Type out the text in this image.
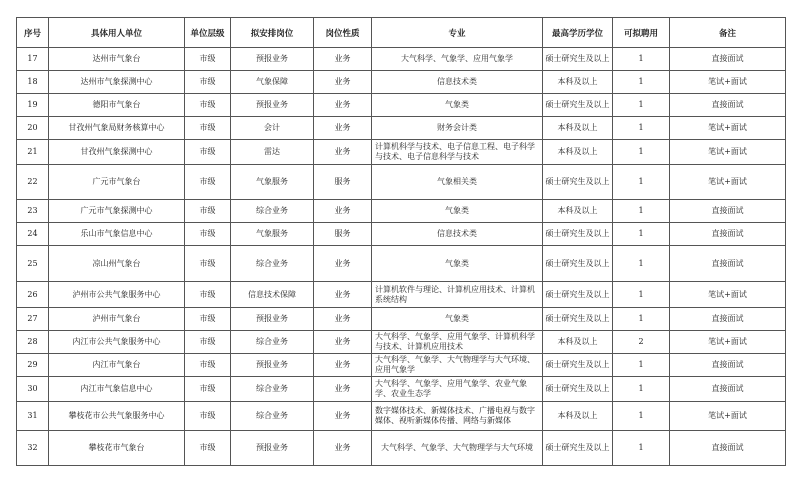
序号	具体用人单位	单位层级	拟安排岗位	岗位性质	专业	最高学历学位	可拟聘用	备注
17	达州市气象台	市级	预报业务	业务	大气科学、气象学、应用气象学	硕士研究生及以上	1	直接面试
18	达州市气象探测中心	市级	气象保障	业务	信息技术类	本科及以上	1	笔试+面试
19	德阳市气象台	市级	预报业务	业务	气象类	硕士研究生及以上	1	直接面试
20	甘孜州气象局财务核算中心	市级	会计	业务	财务会计类	本科及以上	1	笔试+面试
21	甘孜州气象探测中心	市级	雷达	业务	计算机科学与技术、电子信息工程、电子科学与技术、电子信息科学与技术	本科及以上	1	笔试+面试
22	广元市气象台	市级	气象服务	服务	气象相关类	硕士研究生及以上	1	笔试+面试
23	广元市气象探测中心	市级	综合业务	业务	气象类	本科及以上	1	直接面试
24	乐山市气象信息中心	市级	气象服务	服务	信息技术类	硕士研究生及以上	1	直接面试
25	凉山州气象台	市级	综合业务	业务	气象类	硕士研究生及以上	1	直接面试
26	泸州市公共气象服务中心	市级	信息技术保障	业务	计算机软件与理论、计算机应用技术、计算机系统结构	硕士研究生及以上	1	笔试+面试
27	泸州市气象台	市级	预报业务	业务	气象类	硕士研究生及以上	1	直接面试
28	内江市公共气象服务中心	市级	综合业务	业务	大气科学、气象学、应用气象学、计算机科学与技术、计算机应用技术	本科及以上	2	笔试+面试
29	内江市气象台	市级	预报业务	业务	大气科学、气象学、大气物理学与大气环境、应用气象学	硕士研究生及以上	1	直接面试
30	内江市气象信息中心	市级	综合业务	业务	大气科学、气象学、应用气象学、农业气象学、农业生态学	硕士研究生及以上	1	直接面试
31	攀枝花市公共气象服务中心	市级	综合业务	业务	数字媒体技术、新媒体技术、广播电视与数字媒体、视听新媒体传播、网络与新媒体	本科及以上	1	笔试+面试
32	攀枝花市气象台	市级	预报业务	业务	大气科学、气象学、大气物理学与大气环境	硕士研究生及以上	1	直接面试
